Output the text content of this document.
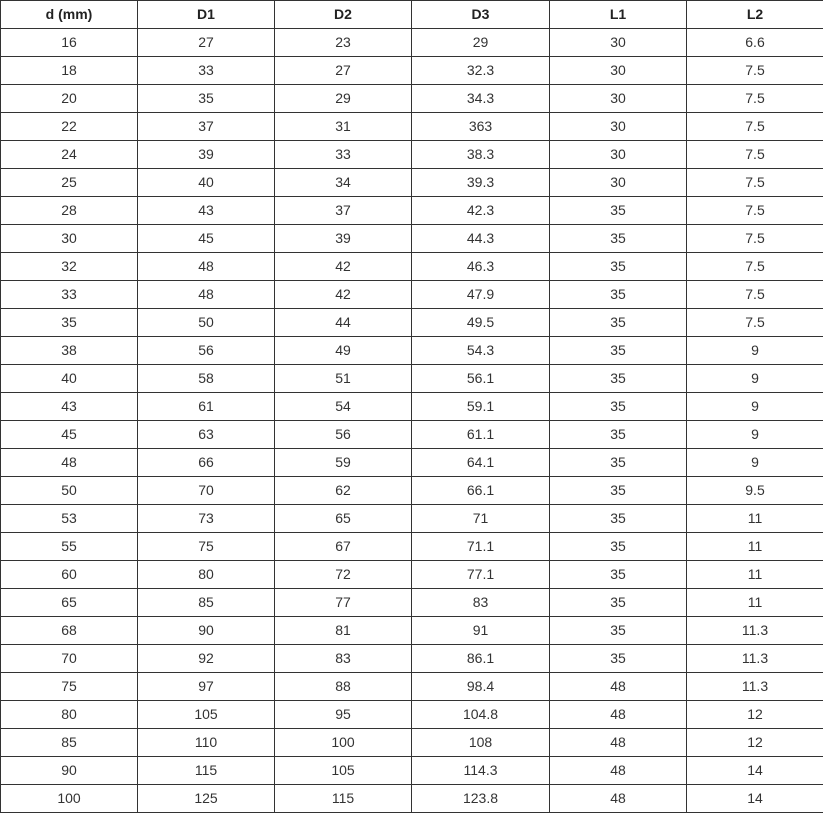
d (mm)	D1	D2	D3	L1	L2
16	27	23	29	30	6.6
18	33	27	32.3	30	7.5
20	35	29	34.3	30	7.5
22	37	31	363	30	7.5
24	39	33	38.3	30	7.5
25	40	34	39.3	30	7.5
28	43	37	42.3	35	7.5
30	45	39	44.3	35	7.5
32	48	42	46.3	35	7.5
33	48	42	47.9	35	7.5
35	50	44	49.5	35	7.5
38	56	49	54.3	35	9
40	58	51	56.1	35	9
43	61	54	59.1	35	9
45	63	56	61.1	35	9
48	66	59	64.1	35	9
50	70	62	66.1	35	9.5
53	73	65	71	35	11
55	75	67	71.1	35	11
60	80	72	77.1	35	11
65	85	77	83	35	11
68	90	81	91	35	11.3
70	92	83	86.1	35	11.3
75	97	88	98.4	48	11.3
80	105	95	104.8	48	12
85	110	100	108	48	12
90	115	105	114.3	48	14
100	125	115	123.8	48	14
